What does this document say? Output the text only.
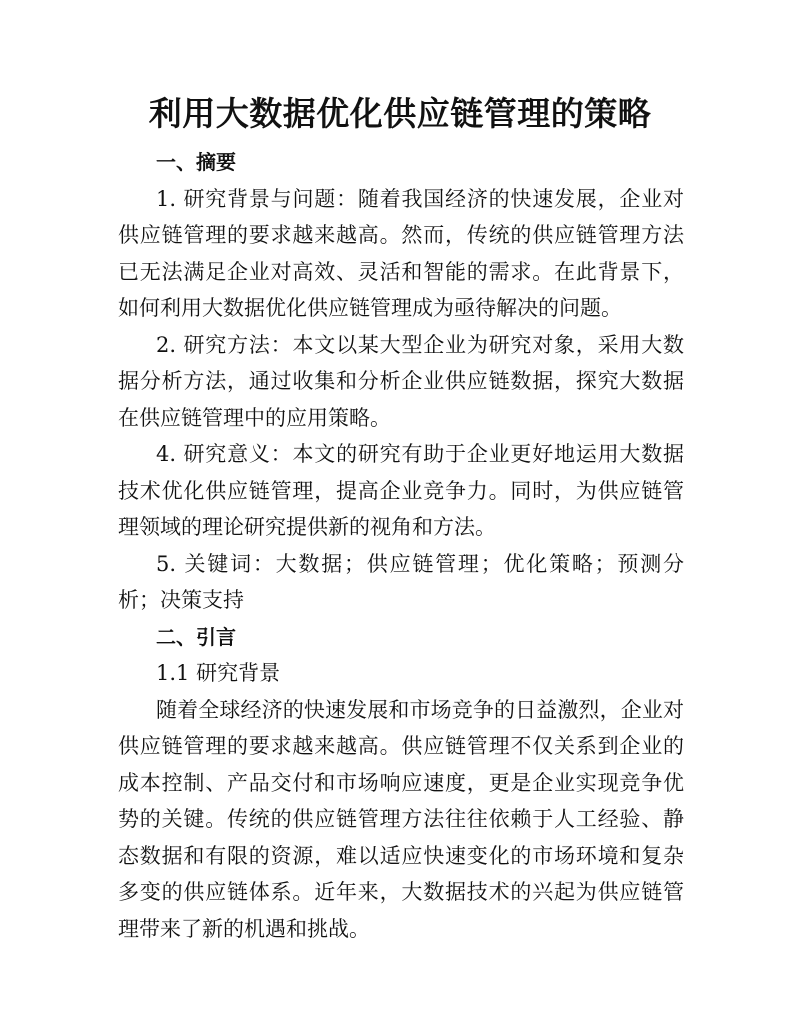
利用大数据优化供应链管理的策略

一、摘要

1. 研究背景与问题：随着我国经济的快速发展，企业对供应链管理的要求越来越高。然而，传统的供应链管理方法已无法满足企业对高效、灵活和智能的需求。在此背景下，如何利用大数据优化供应链管理成为亟待解决的问题。

2. 研究方法：本文以某大型企业为研究对象，采用大数据分析方法，通过收集和分析企业供应链数据，探究大数据在供应链管理中的应用策略。

4. 研究意义：本文的研究有助于企业更好地运用大数据技术优化供应链管理，提高企业竞争力。同时，为供应链管理领域的理论研究提供新的视角和方法。

5. 关键词：大数据；供应链管理；优化策略；预测分析；决策支持

二、引言

1.1 研究背景

随着全球经济的快速发展和市场竞争的日益激烈，企业对供应链管理的要求越来越高。供应链管理不仅关系到企业的成本控制、产品交付和市场响应速度，更是企业实现竞争优势的关键。传统的供应链管理方法往往依赖于人工经验、静态数据和有限的资源，难以适应快速变化的市场环境和复杂多变的供应链体系。近年来，大数据技术的兴起为供应链管理带来了新的机遇和挑战。
